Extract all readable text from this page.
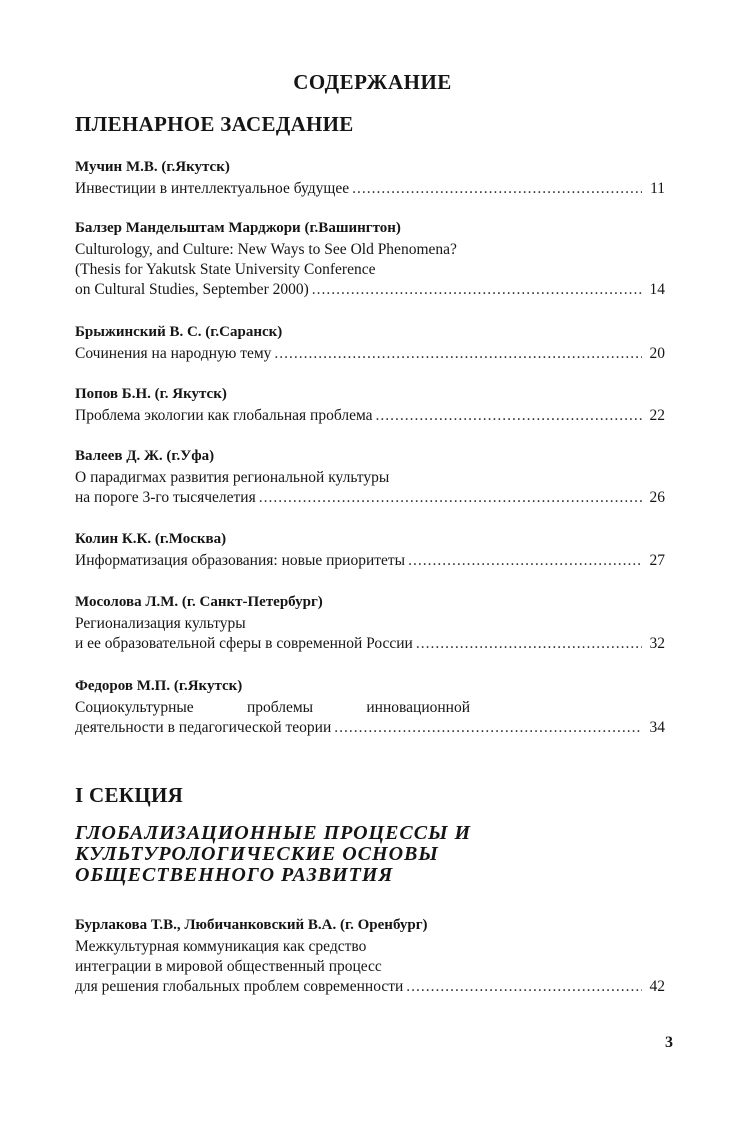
СОДЕРЖАНИЕ
ПЛЕНАРНОЕ ЗАСЕДАНИЕ
Мучин М.В. (г.Якутск)
Инвестиции в интеллектуальное будущее .....	11
Балзер Мандельштам Марджори (г.Вашингтон)
Culturology, and Culture: New Ways to See Old Phenomena?
(Thesis for Yakutsk State University Conference
on Cultural Studies, September 2000) .....	14
Брыжинский В. С. (г.Саранск)
Сочинения на народную тему .....	20
Попов Б.Н. (г. Якутск)
Проблема экологии как глобальная проблема .....	22
Валеев Д. Ж. (г.Уфа)
О парадигмах развития региональной культуры
на пороге 3-го тысячелетия .....	26
Колин К.К. (г.Москва)
Информатизация образования: новые приоритеты .....	27
Мосолова Л.М. (г. Санкт-Петербург)
Регионализация культуры
и ее образовательной сферы в современной России .....	32
Федоров М.П. (г.Якутск)
Социокультурные	проблемы	инновационной
деятельности в педагогической теории .....	34
I СЕКЦИЯ
ГЛОБАЛИЗАЦИОННЫЕ ПРОЦЕССЫ И
КУЛЬТУРОЛОГИЧЕСКИЕ ОСНОВЫ
ОБЩЕСТВЕННОГО РАЗВИТИЯ
Бурлакова Т.В., Любичанковский В.А. (г. Оренбург)
Межкультурная коммуникация как средство
интеграции в мировой общественный процесс
для решения глобальных проблем современности .....	42
3
